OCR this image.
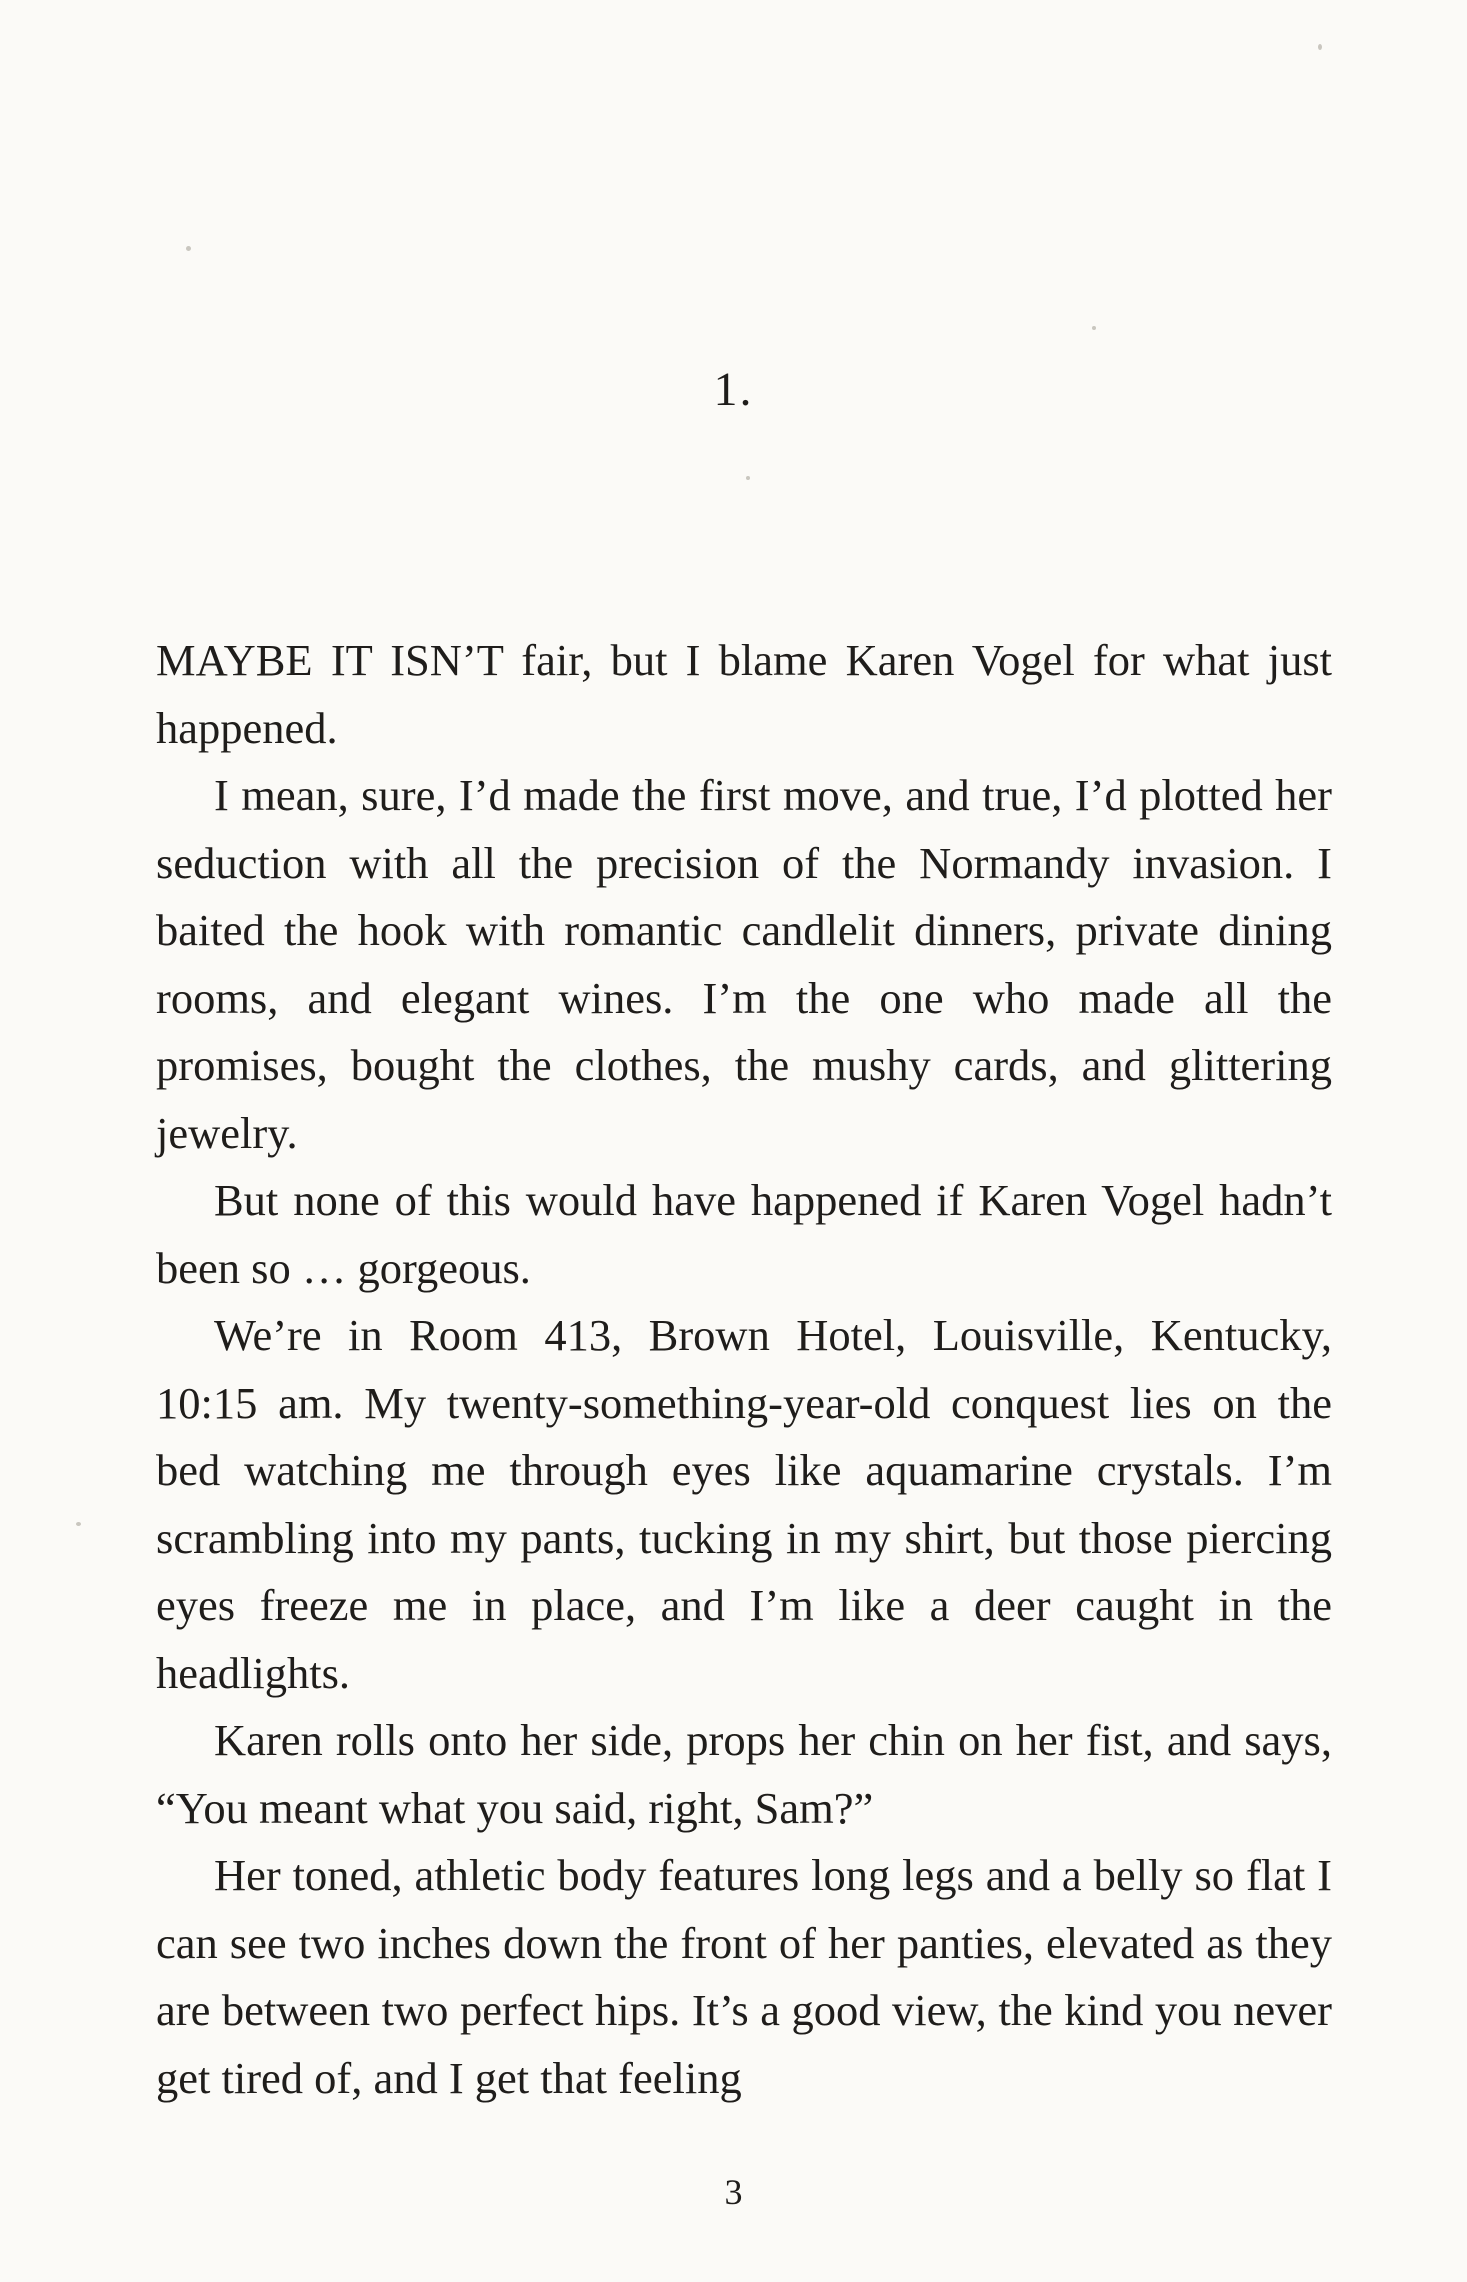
1.

MAYBE IT ISN’T fair, but I blame Karen Vogel for what just happened.

I mean, sure, I’d made the first move, and true, I’d plotted her seduction with all the precision of the Normandy invasion. I baited the hook with romantic candlelit dinners, private dining rooms, and elegant wines. I’m the one who made all the promises, bought the clothes, the mushy cards, and glittering jewelry.

But none of this would have happened if Karen Vogel hadn’t been so … gorgeous.

We’re in Room 413, Brown Hotel, Louisville, Kentucky, 10:15 am. My twenty-something-year-old conquest lies on the bed watching me through eyes like aquamarine crystals. I’m scrambling into my pants, tucking in my shirt, but those piercing eyes freeze me in place, and I’m like a deer caught in the headlights.

Karen rolls onto her side, props her chin on her fist, and says, “You meant what you said, right, Sam?”

Her toned, athletic body features long legs and a belly so flat I can see two inches down the front of her panties, elevated as they are between two perfect hips. It’s a good view, the kind you never get tired of, and I get that feeling

3
